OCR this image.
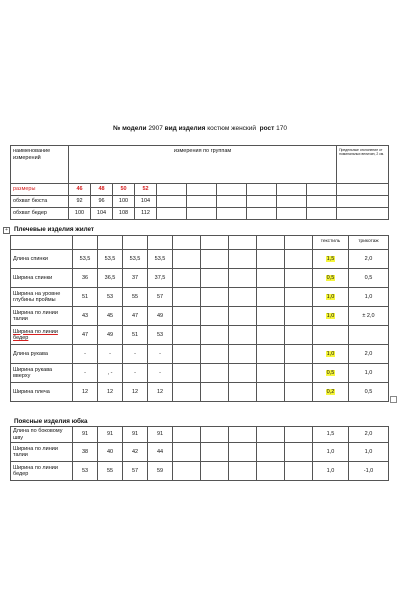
№ модели 2907 вид изделия костюм женский рост 170
наименование измерений	измерения по группам										Предельные отклонение от номинальных величин, 2 см.
размеры	46	48	50	52							
обхват бюста	92	96	100	104							
обхват бедер	100	104	108	112							
+ Плечевые изделия жилет
										текстиль	трикотаж
Длина спинки	53,5	53,5	53,5	53,5						1,5	2,0
Ширина спинки	36	36,5	37	37,5						0,5	0,5
Ширина на уровне глубины проймы	51	53	55	57						1,0	1,0
Ширина по линии талии	43	45	47	49						1,0	± 2,0
Ширина по линии бедер	47	49	51	53							
Длина рукава	-	-	-	-						1,0	2,0
Ширина рукава вверху	-	, -	-	-						0,5	1,0
Ширина плеча	12	12	12	12						0,2	0,5
Поясные изделия юбка
Длина по боковому шву	91	91	91	91						1,5	2,0
Ширина по линии талии	38	40	42	44						1,0	1,0
Ширина по линии бедер	53	55	57	59						1,0	-1,0
